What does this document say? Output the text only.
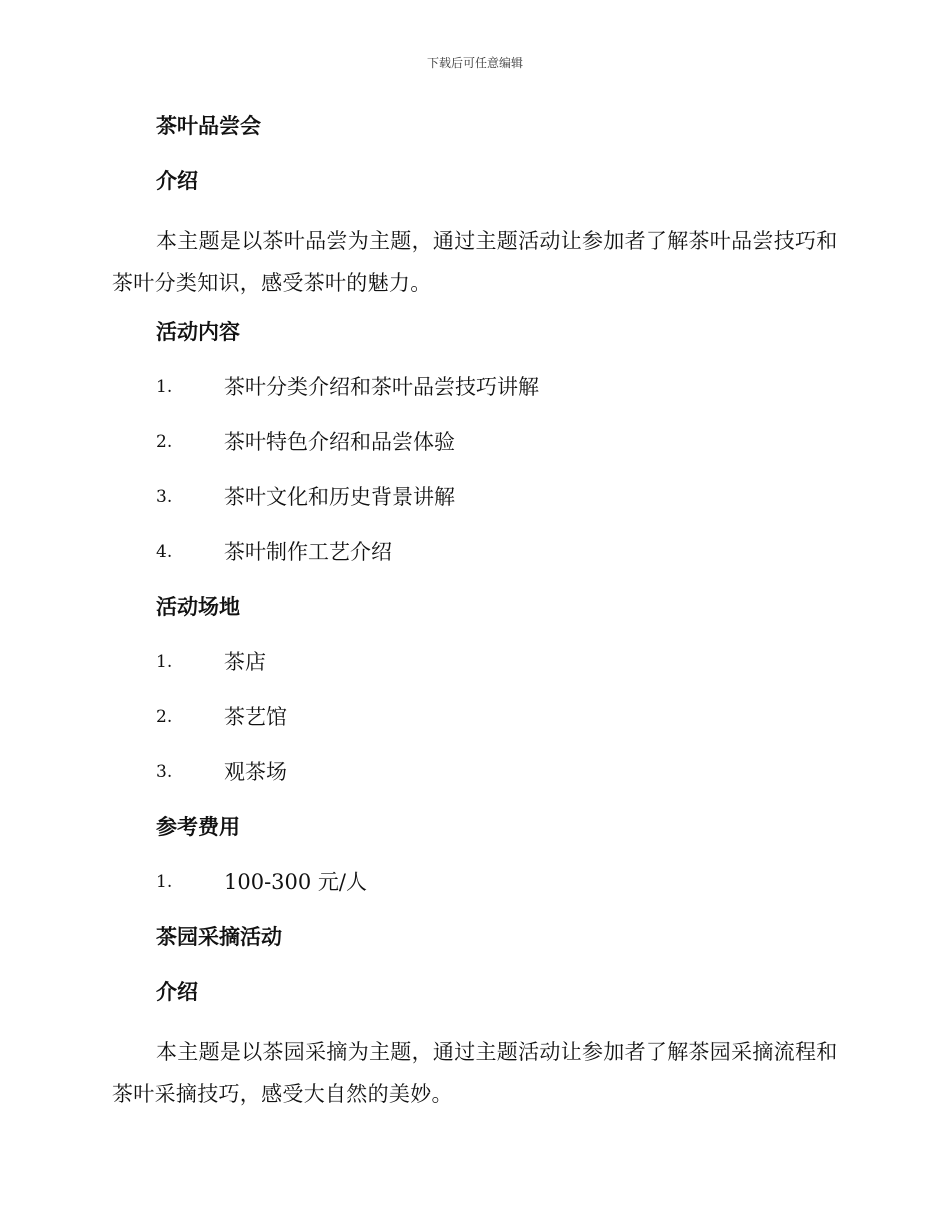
下载后可任意编辑
茶叶品尝会
介绍

本主题是以茶叶品尝为主题，通过主题活动让参加者了解茶叶品尝技巧和茶叶分类知识，感受茶叶的魅力。

活动内容
1. 茶叶分类介绍和茶叶品尝技巧讲解
2. 茶叶特色介绍和品尝体验
3. 茶叶文化和历史背景讲解
4. 茶叶制作工艺介绍
活动场地
1. 茶店
2. 茶艺馆
3. 观茶场
参考费用
1. 100-300 元/人
茶园采摘活动
介绍

本主题是以茶园采摘为主题，通过主题活动让参加者了解茶园采摘流程和茶叶采摘技巧，感受大自然的美妙。
